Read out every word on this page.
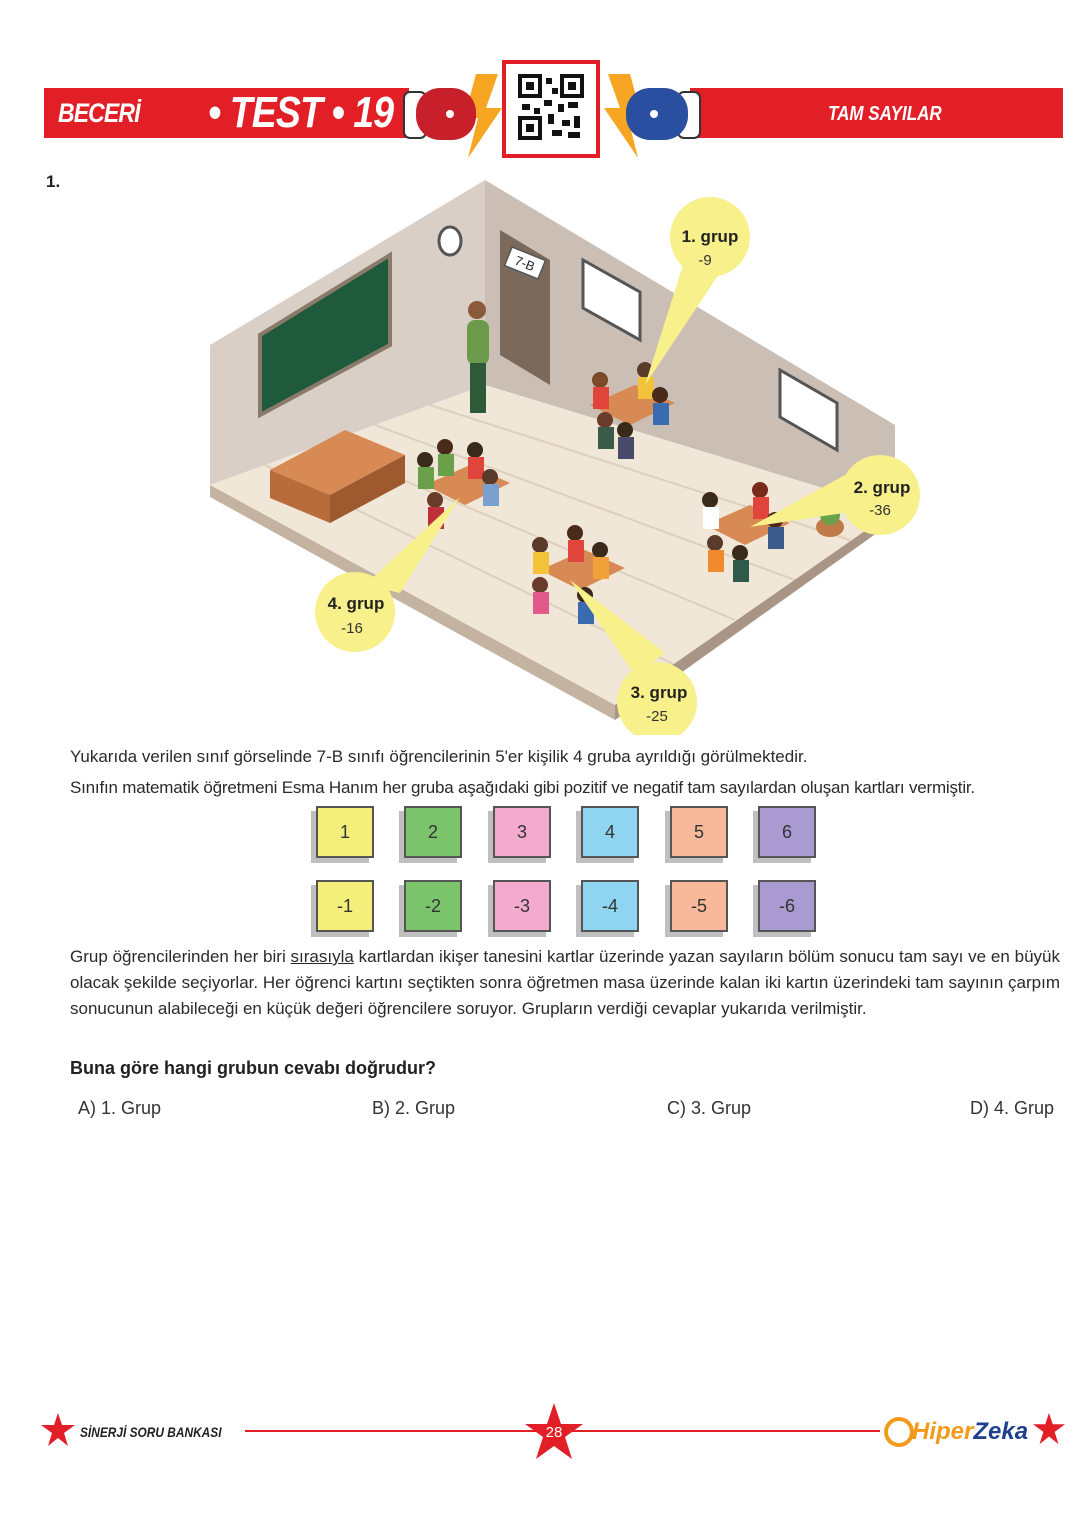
BECERİ • TEST • 19	TAM SAYILAR
1.
7-B
1. grup
-9
2. grup
-36
3. grup
-25
4. grup
-16
Yukarıda verilen sınıf görselinde 7-B sınıfı öğrencilerinin 5'er kişilik 4 gruba ayrıldığı görülmektedir.
Sınıfın matematik öğretmeni Esma Hanım her gruba aşağıdaki gibi pozitif ve negatif tam sayılardan oluşan kartları vermiştir.
1	2	3	4	5	6
-1	-2	-3	-4	-5	-6
Grup öğrencilerinden her biri sırasıyla kartlardan ikişer tanesini kartlar üzerinde yazan sayıların bölüm sonucu tam sayı ve en büyük olacak şekilde seçiyorlar. Her öğrenci kartını seçtikten sonra öğretmen masa üzerinde kalan iki kartın üzerindeki tam sayının çarpım sonucunun alabileceği en küçük değeri öğrencilere soruyor. Grupların verdiği cevaplar yukarıda verilmiştir.
Buna göre hangi grubun cevabı doğrudur?
A) 1. Grup	B) 2. Grup	C) 3. Grup	D) 4. Grup
SİNERJİ SORU BANKASI	28	HiperZeka
